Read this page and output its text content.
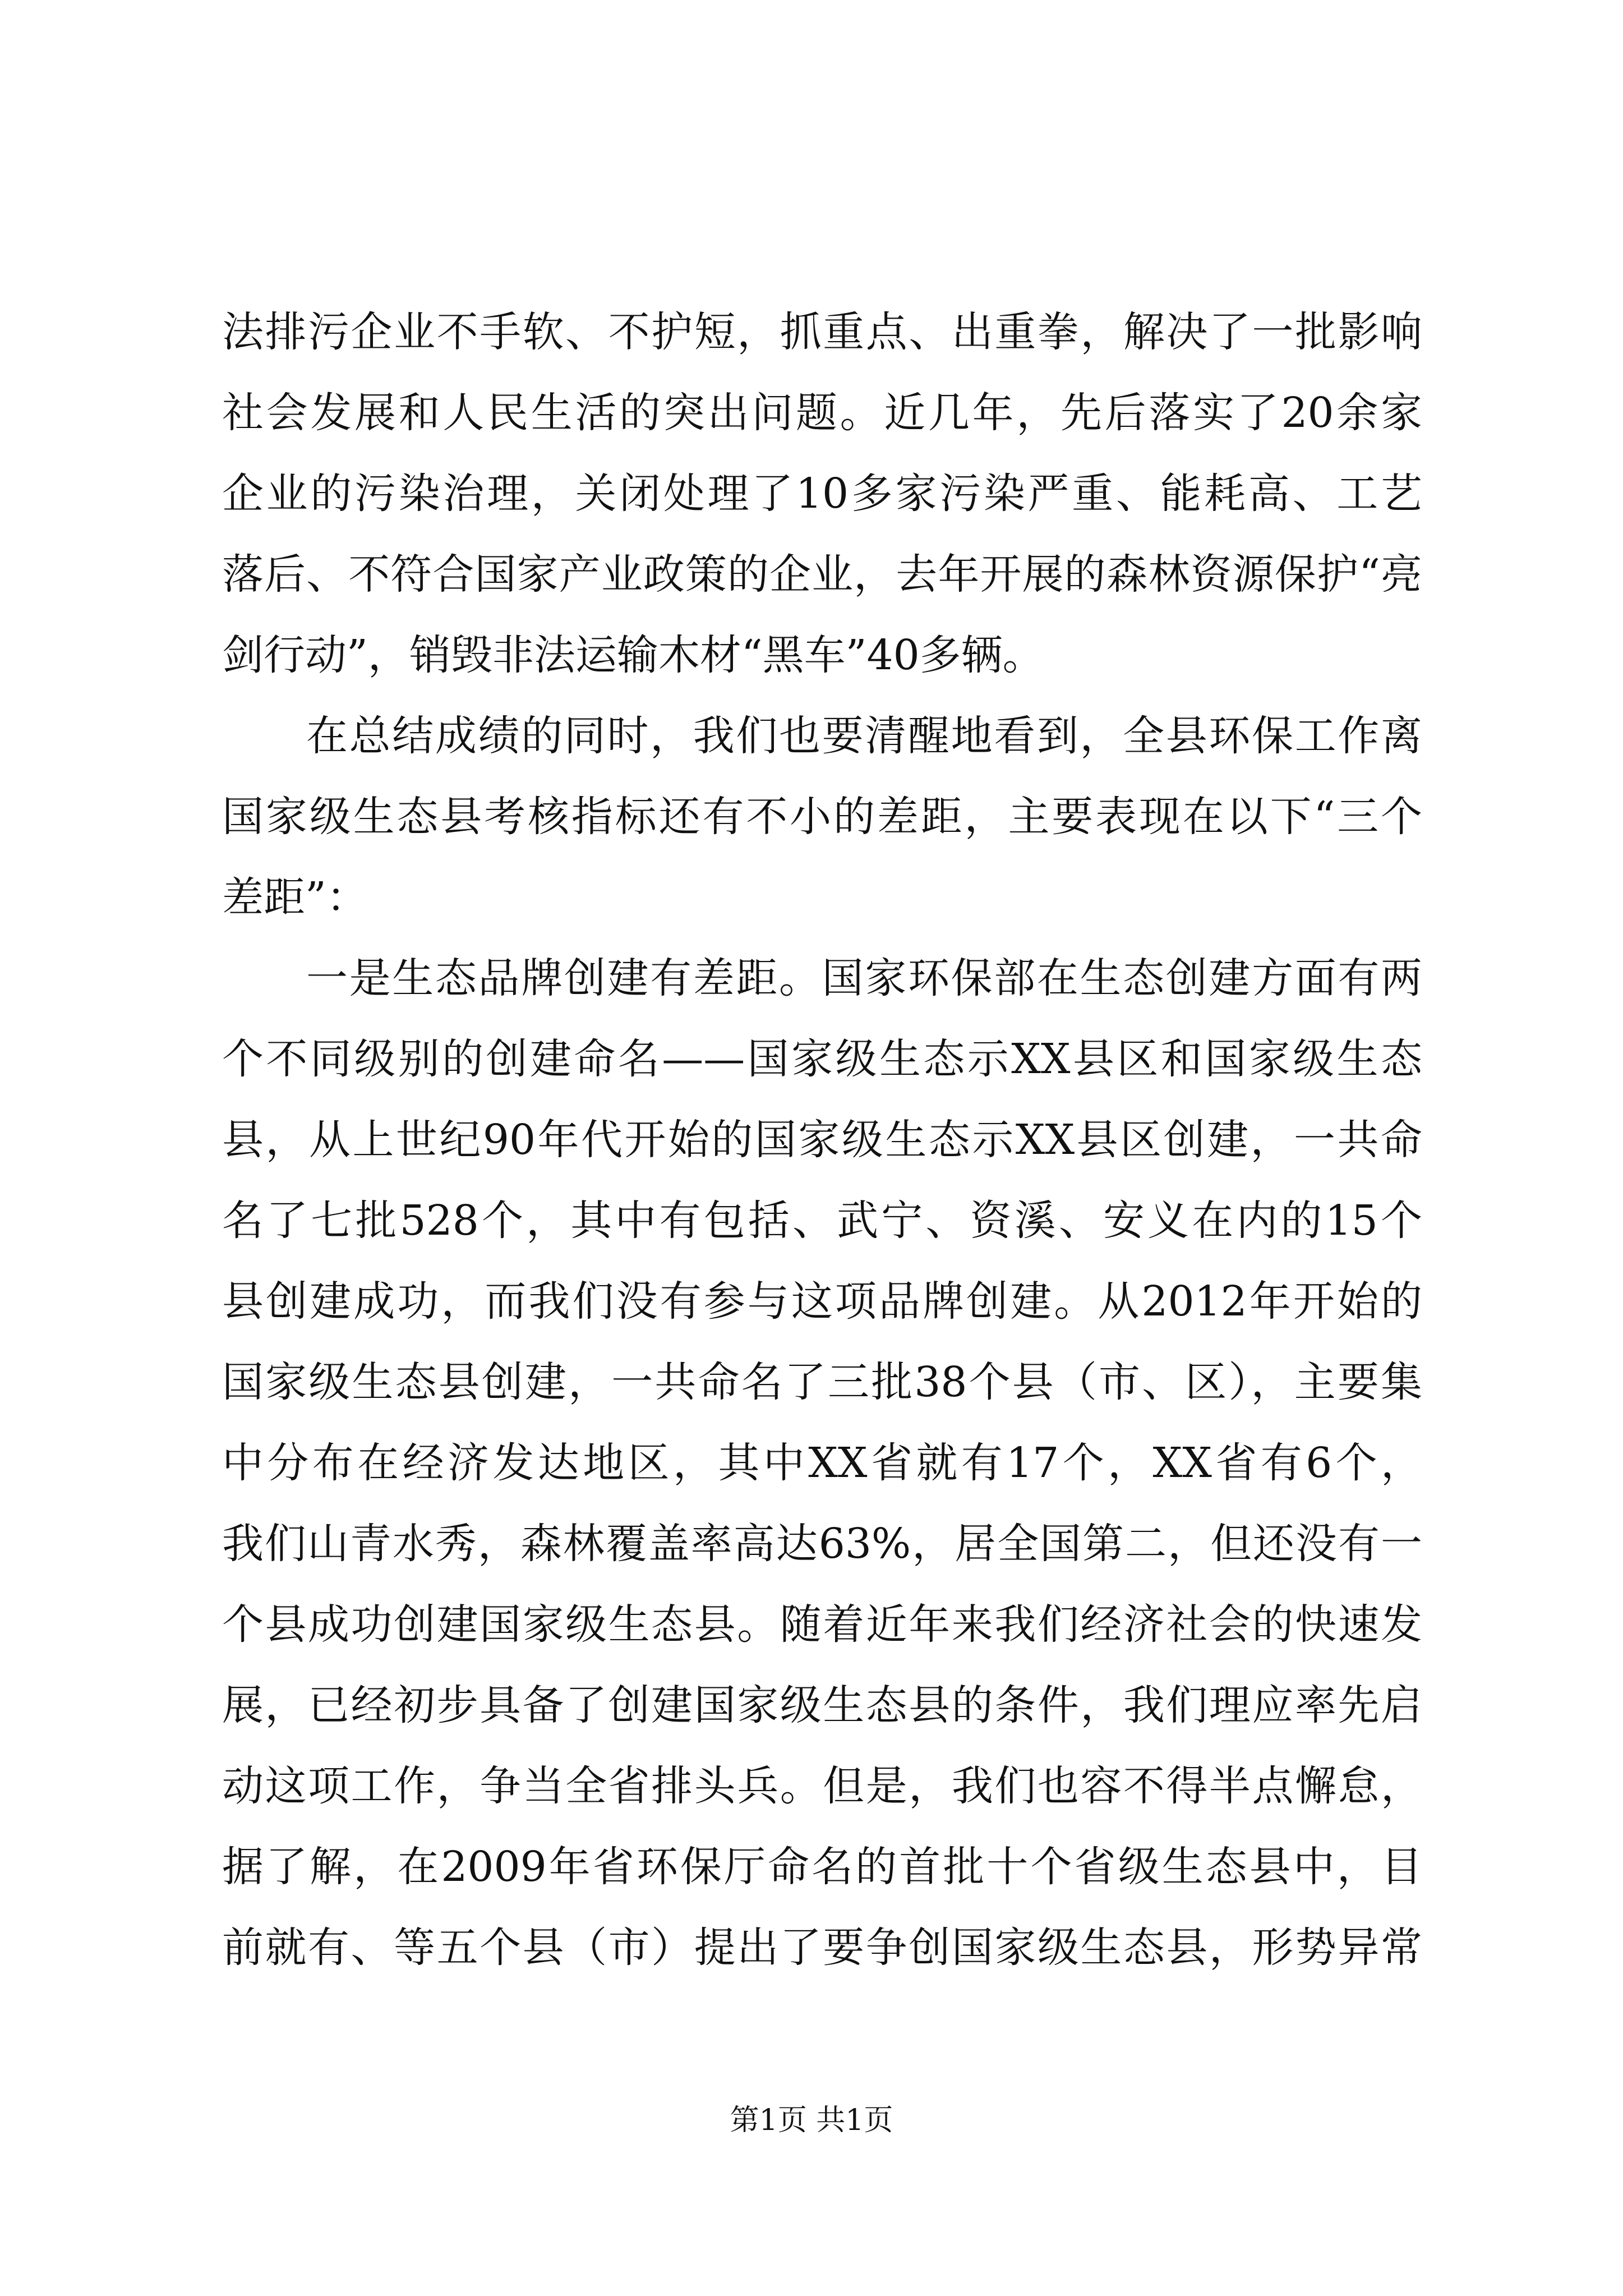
法排污企业不手软、不护短，抓重点、出重拳，解决了一批影响
社会发展和人民生活的突出问题。近几年，先后落实了20余家
企业的污染治理，关闭处理了10多家污染严重、能耗高、工艺
落后、不符合国家产业政策的企业，去年开展的森林资源保护“亮
剑行动”，销毁非法运输木材“黑车”40多辆。
在总结成绩的同时，我们也要清醒地看到，全县环保工作离
国家级生态县考核指标还有不小的差距，主要表现在以下“三个
差距”：
一是生态品牌创建有差距。国家环保部在生态创建方面有两
个不同级别的创建命名——国家级生态示XX县区和国家级生态
县，从上世纪90年代开始的国家级生态示XX县区创建，一共命
名了七批528个，其中有包括、武宁、资溪、安义在内的15个
县创建成功，而我们没有参与这项品牌创建。从2012年开始的
国家级生态县创建，一共命名了三批38个县（市、区），主要集
中分布在经济发达地区，其中XX省就有17个，XX省有6个，
我们山青水秀，森林覆盖率高达63%，居全国第二，但还没有一
个县成功创建国家级生态县。随着近年来我们经济社会的快速发
展，已经初步具备了创建国家级生态县的条件，我们理应率先启
动这项工作，争当全省排头兵。但是，我们也容不得半点懈怠，
据了解，在2009年省环保厅命名的首批十个省级生态县中，目
前就有、等五个县（市）提出了要争创国家级生态县，形势异常
第1页 共1页
